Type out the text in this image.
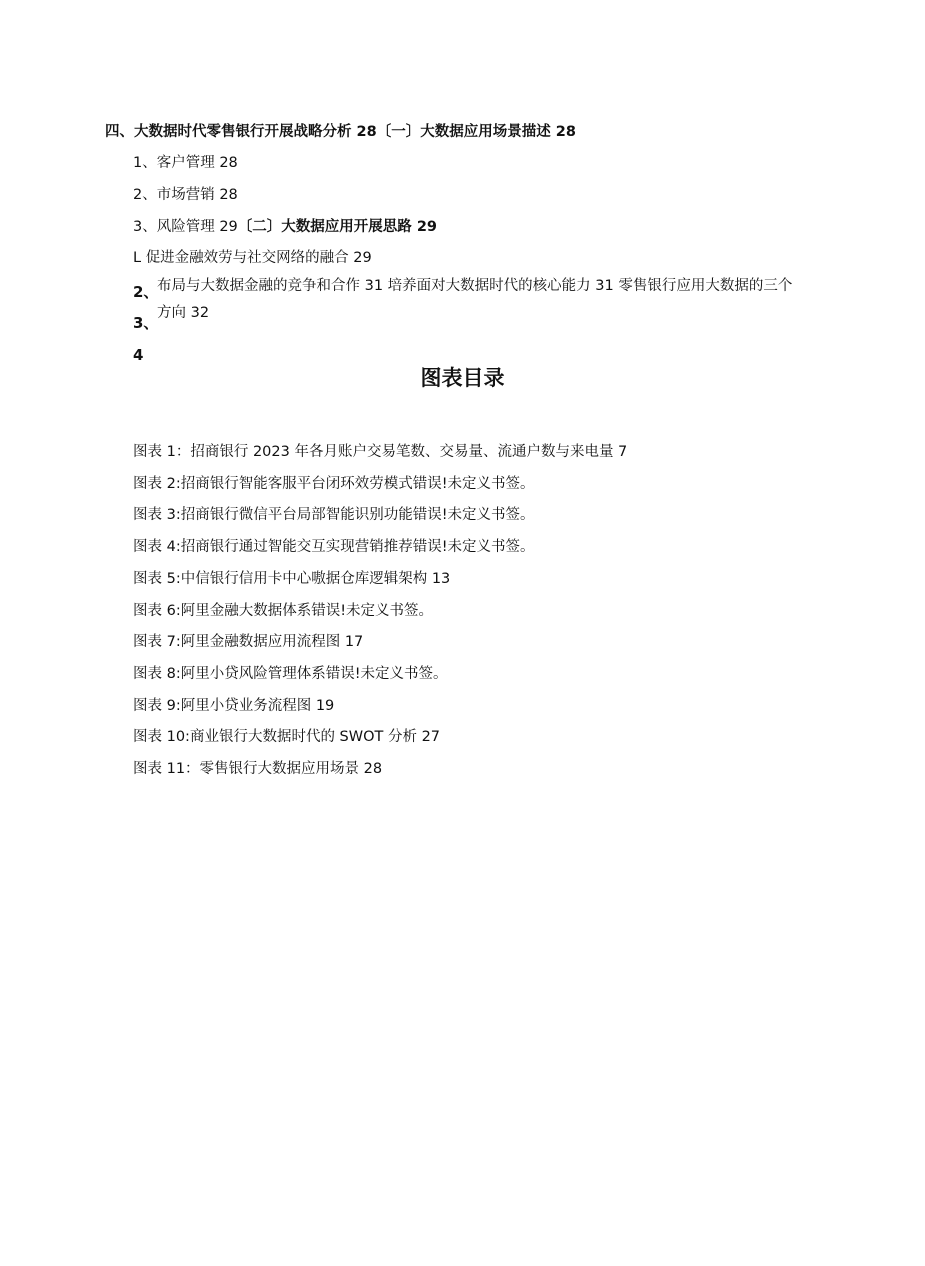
四、大数据时代零售银行开展战略分析 28〔一〕大数据应用场景描述 28
1、客户管理 28
2、市场营销 28
3、风险管理 29〔二〕大数据应用开展思路 29
L 促进金融效劳与社交网络的融合 29
2、
布局与大数据金融的竞争和合作 31 培养面对大数据时代的核心能力 31 零售银行应用大数据的三个
方向 32
3、
4
图表目录
图表 1：招商银行 2023 年各月账户交易笔数、交易量、流通户数与来电量 7
图表 2:招商银行智能客服平台闭环效劳模式错误!未定义书签。
图表 3:招商银行微信平台局部智能识别功能错误!未定义书签。
图表 4:招商银行通过智能交互实现营销推荐错误!未定义书签。
图表 5:中信银行信用卡中心嗷据仓库逻辑架构 13
图表 6:阿里金融大数据体系错误!未定义书签。
图表 7:阿里金融数据应用流程图 17
图表 8:阿里小贷风险管理体系错误!未定义书签。
图表 9:阿里小贷业务流程图 19
图表 10:商业银行大数据时代的 SWOT 分析 27
图表 11：零售银行大数据应用场景 28
